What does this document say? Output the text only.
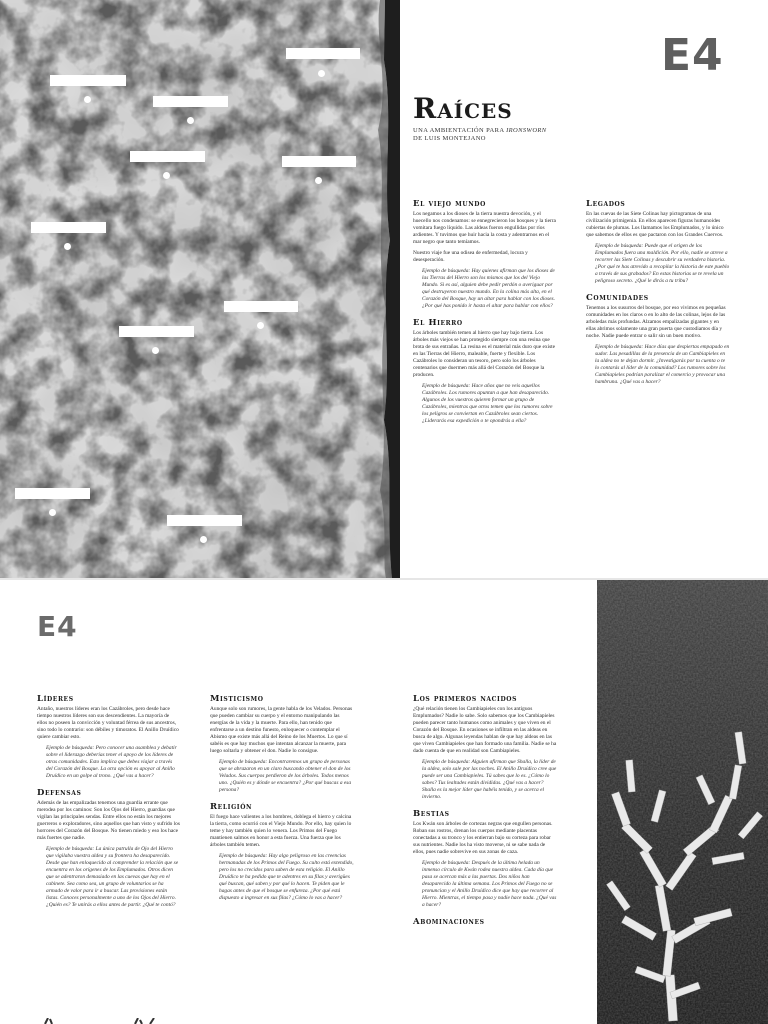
E4
Raíces
UNA AMBIENTACIÓN PARA IRONSWORN
DE LUIS MONTEJANO
El viejo mundo

Los negamos a los dioses de la tierra nuestra devoción, y el huecello nos condenamos: se ennegrecieron los bosques y la tierra vomitara fuego líquido. Las aldeas fueron engullidas por ríos ardientes. Y tuvimos que huir hacia la costa y adentrarnos en el mar negro que tanto temíamos.

Nuestro viaje fue una odisea de enfermedad, locura y desesperación.

Ejemplo de búsqueda: Hay quienes afirman que los dioses de las Tierras del Hierro son los mismos que los del Viejo Mundo. Si es así, alguien debe pedir perdón o averiguar por qué destruyeron nuestro mundo. En la colina más alta, en el Corazón del Bosque, hay un altar para hablar con los dioses. ¿Por qué has ponido ir hasta el altar para hablar con ellos?
El Hierro

Los árboles también temen al hierro que hay bajo tierra. Los árboles más viejos se han protegido siempre con una resina que brota de sus entrañas. La resina es el material más duro que existe en las Tierras del Hierro, maleable, fuerte y flexible. Los Cazábroles lo consideran un tesoro, pero solo los árboles centenarios que duermen más allá del Corazón del Bosque la producen.

Ejemplo de búsqueda: Hace años que no veis aquellos Cazábroles. Los rumores apuntan a que han desaparecido. Algunos de los vuestros quieren formar un grupo de Cazábroles, mientras que otros temen que los rumores sobre los peligros se conviertan en Cazábroles sean ciertos. ¿Liderarás esa expedición o te opondrás a ella?
Legados

En las cuevas de las Siete Colinas hay pictogramas de una civilización primigenia. En ellos aparecen figuras humanoides cubiertas de plumas. Los llamamos los Emplumados, y lo único que sabemos de ellos es que pactaron con los Grandes Cuervos.

Ejemplo de búsqueda: Puede que el origen de los Emplumados fuera una maldición. Por ello, nadie se atreve a recorrer las Siete Colinas y descubrir su verdadera historia. ¿Por qué te has atrevido a recopilar la historia de este pueblo a través de sus grabados? En estas historias se te revela un peligroso secreto. ¿Qué le dirás a tu tribu?
Comunidades

Tenemos a los susurros del bosque, por eso vivimos en pequeñas comunidades en los claros o en lo alto de las colinas, lejos de las arboledas más profundas. Alzamos empalizadas gigantes y en ellas abrimos solamente una gran puerta que custodiamos día y noche. Nadie puede entrar o salir sin un buen motivo.

Ejemplo de búsqueda: Hace días que despiertas empapado en sudor. Las pesadillas de la presencia de un Cambiapieles en la aldea no te dejan dormir. ¿Investigarás por tu cuenta o te lo contarás al líder de la comunidad? Los rumores sobre los Cambiapieles podrían paralizar el comercio y provocar una hambruna. ¿Qué vas a hacer?
E4
Líderes

Antaño, nuestros líderes eran los Cazábroles, pero desde hace tiempo nuestros líderes son sus descendientes. La mayoría de ellos no poseen la convicción y voluntad férrea de sus ancestros, sino todo lo contrario: son débiles y timoratos. El Anillo Druídico quiere cambiar esto.

Ejemplo de búsqueda: Pero conocer una asamblea y debatir sobre el liderazgo deberías tener el apoyo de los líderes de otras comunidades. Esto implica que debes viajar a través del Corazón del Bosque. La otra opción es apoyar al Anillo Druídico en un golpe al trono. ¿Qué vas a hacer?
Defensas

Además de las empalizadas tenemos una guardia errante que merodea por los caminos: Son los Ojos del Hierro, guardias que vigilan las principales sendas. Entre ellos no están los mejores guerreros o exploradores, sino aquellos que han visto y sufrido los horrores del Corazón del Bosque. No tienen miedo y eso los hace más fuertes que nadie.

Ejemplo de búsqueda: La única patrulla de Ojo del Hierro que vigilaba vuestra aldea y su frontera ha desaparecido. Desde que han enloquecido al comprender la relación que se encuentra en los orígenes de los Emplumados. Otros dicen que se adentraron demasiado en las cuevas que hay en el cabinete. Sea como sea, un grupo de voluntarios se ha armado de valor para ir a buscar. Las provisiones están listas. Conoces personalmente a uno de los Ojos del Hierro. ¿Quién es? Te unirás a ellos antes de partir. ¿Qué te contó?
Misticismo

Aunque solo son rumores, la gente habla de los Velados. Personas que pueden cambiar su cuerpo y el entorno manipulando las energías de la vida y la muerte. Para ello, han tenido que enfrentarse a un destino funesto, enloquecer o contemplar el Abismo que existe más allá del Reino de los Muertos. Lo que sí sabéis es que hay muchos que intentan alcanzar la muerte, para luego soltarla y obtener el don. Nadie lo consigue.

Ejemplo de búsqueda: Encontraremos un grupo de personas que se abrazaron en un claro buscando obtener el don de los Velados. Sus cuerpos perdieron de los árboles. Todos menos uno. ¿Quién es y dónde se encuentra? ¿Por qué buscas a esa persona?
Religión

El fuego hace valientes a los hombres, doblega el hierro y calcina la tierra, como ocurrió con el Viejo Mundo. Por ello, hay quien lo teme y hay también quien lo venera. Los Primos del Fuego mantienen salmos en honor a esta fuerza. Una fuerza que los árboles también temen.

Ejemplo de búsqueda: Hay algo peligroso en las creencias hermanadas de los Primos del Fuego. Su culto está extendido, pero los no crecidos para saben de esta religión. El Anillo Druídico te ha pedido que te adentres en su filas y averigües qué buscan, qué saben y por qué lo hacen. Te piden que le hagas antes de que el bosque se enfureza. ¿Por qué está dispuesto a ingresar en sus filas? ¿Cómo lo vas a hacer?
Los primeros nacidos

¿Qué relación tienen los Cambiapieles con los antiguos Emplumados? Nadie lo sabe. Solo sabemos que los Cambiapieles pueden parecer tanto humanos como animales y que viven en el Corazón del Bosque. En ocasiones se infiltran en las aldeas en busca de algo. Algunas leyendas hablan de que hay aldeas en las que viven Cambiapieles que han formado una familia. Nadie se ha dado cuenta de que en realidad son Cambiapieles.

Ejemplo de búsqueda: Alguien afirman que Shalla, la líder de la aldea, solo sale por las noches. El Anillo Druídico cree que puede ser una Cambiapieles. Tú sabes que lo es. ¿Cómo lo sabes? Tus lealtades están divididas. ¿Qué vas a hacer? Shalla es la mejor líder que habéis tenido, y se acerca el invierno.
Bestias

Los Kwán son árboles de cortezas negras que engullen personas. Roban sus rostros, drenan los cuerpos mediante placentas conectadas a su tronco y los entierran bajo su corteza para robar sus nutrientes. Nadie los ha visto moverse, ni se sabe nada de ellos, pues nadie sobrevive en sus zonas de caza.

Ejemplo de búsqueda: Después de la última helada un inmenso círculo de Kwán rodea nuestra aldea. Cada día que pasa se acercan más a las puertas. Dos niños han desaparecido la última semana. Los Primos del Fuego no se pronuncian y el Anillo Druídico dice que hay que recorrer al Hierro. Mientras, el tiempo pasa y nadie hace nada. ¿Qué vas a hacer?
Abominaciones
